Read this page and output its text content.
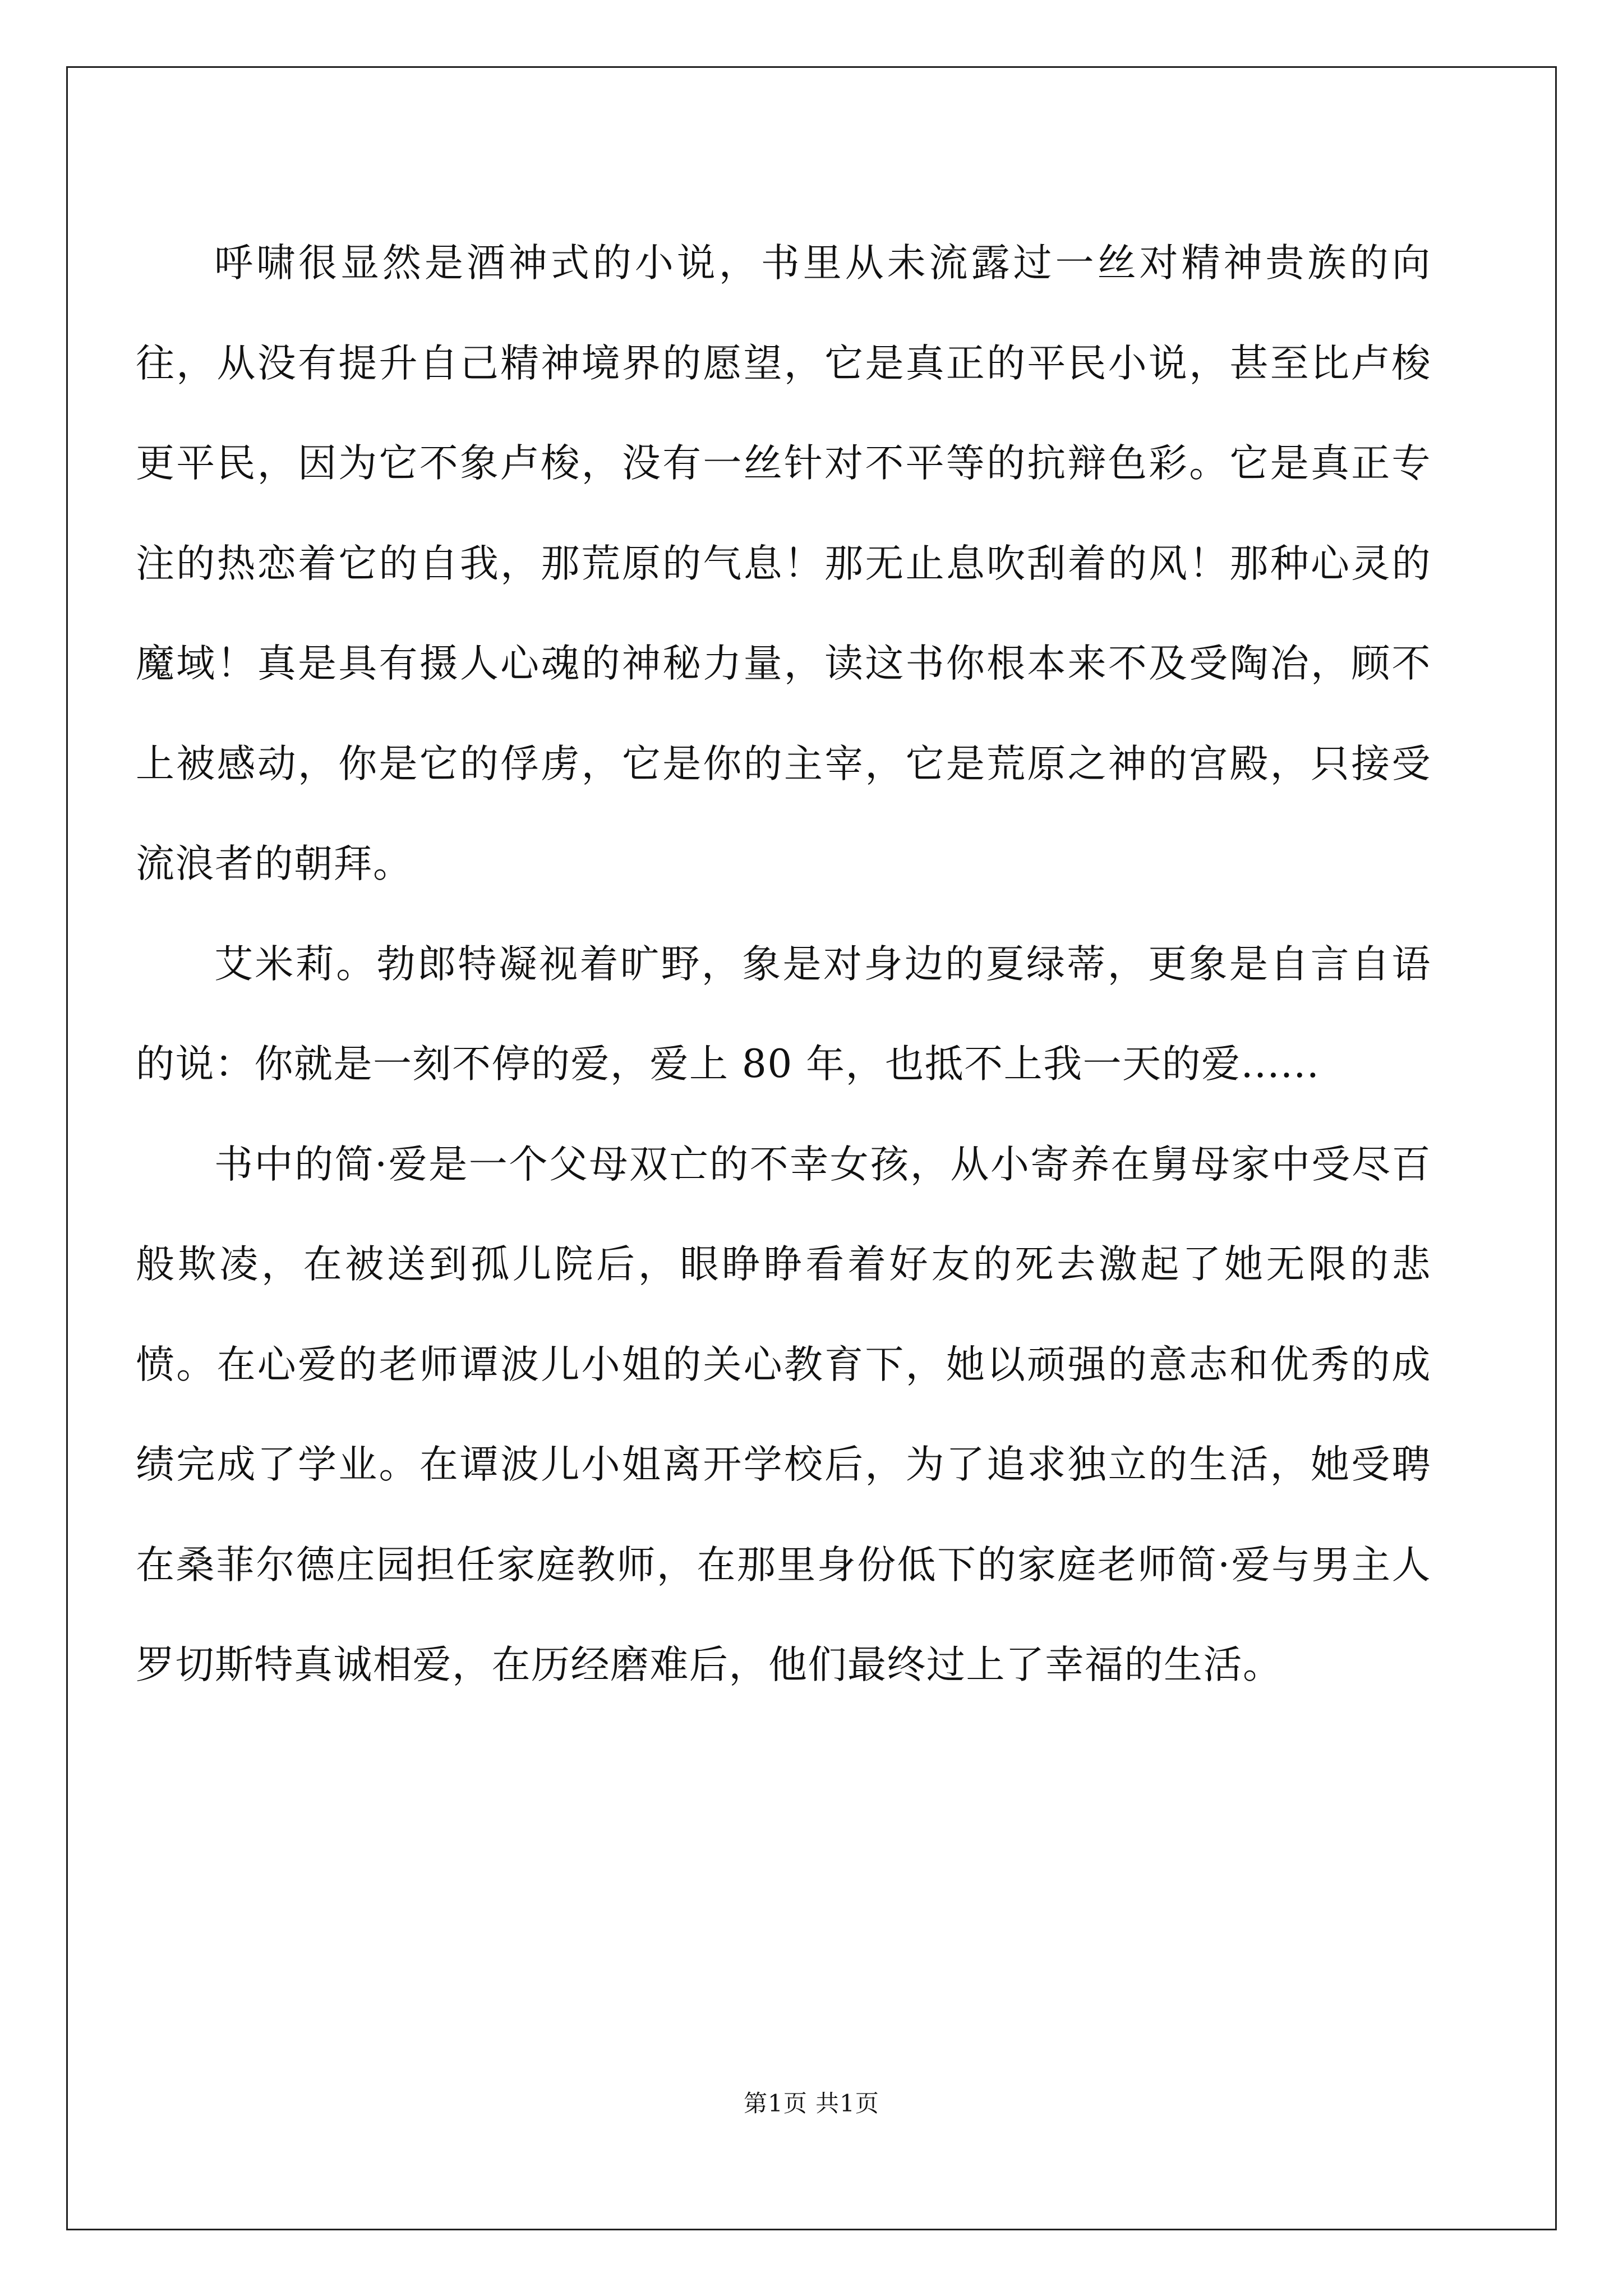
呼啸很显然是酒神式的小说，书里从未流露过一丝对精神贵族的向往，从没有提升自己精神境界的愿望，它是真正的平民小说，甚至比卢梭更平民，因为它不象卢梭，没有一丝针对不平等的抗辩色彩。它是真正专注的热恋着它的自我，那荒原的气息！那无止息吹刮着的风！那种心灵的魔域！真是具有摄人心魂的神秘力量，读这书你根本来不及受陶冶，顾不上被感动，你是它的俘虏，它是你的主宰，它是荒原之神的宫殿，只接受流浪者的朝拜。

艾米莉。勃郎特凝视着旷野，象是对身边的夏绿蒂，更象是自言自语的说：你就是一刻不停的爱，爱上 80 年，也抵不上我一天的爱......

书中的简·爱是一个父母双亡的不幸女孩，从小寄养在舅母家中受尽百般欺凌，在被送到孤儿院后，眼睁睁看着好友的死去激起了她无限的悲愤。在心爱的老师谭波儿小姐的关心教育下，她以顽强的意志和优秀的成绩完成了学业。在谭波儿小姐离开学校后，为了追求独立的生活，她受聘在桑菲尔德庄园担任家庭教师，在那里身份低下的家庭老师简·爱与男主人罗切斯特真诚相爱，在历经磨难后，他们最终过上了幸福的生活。

第1页 共1页
